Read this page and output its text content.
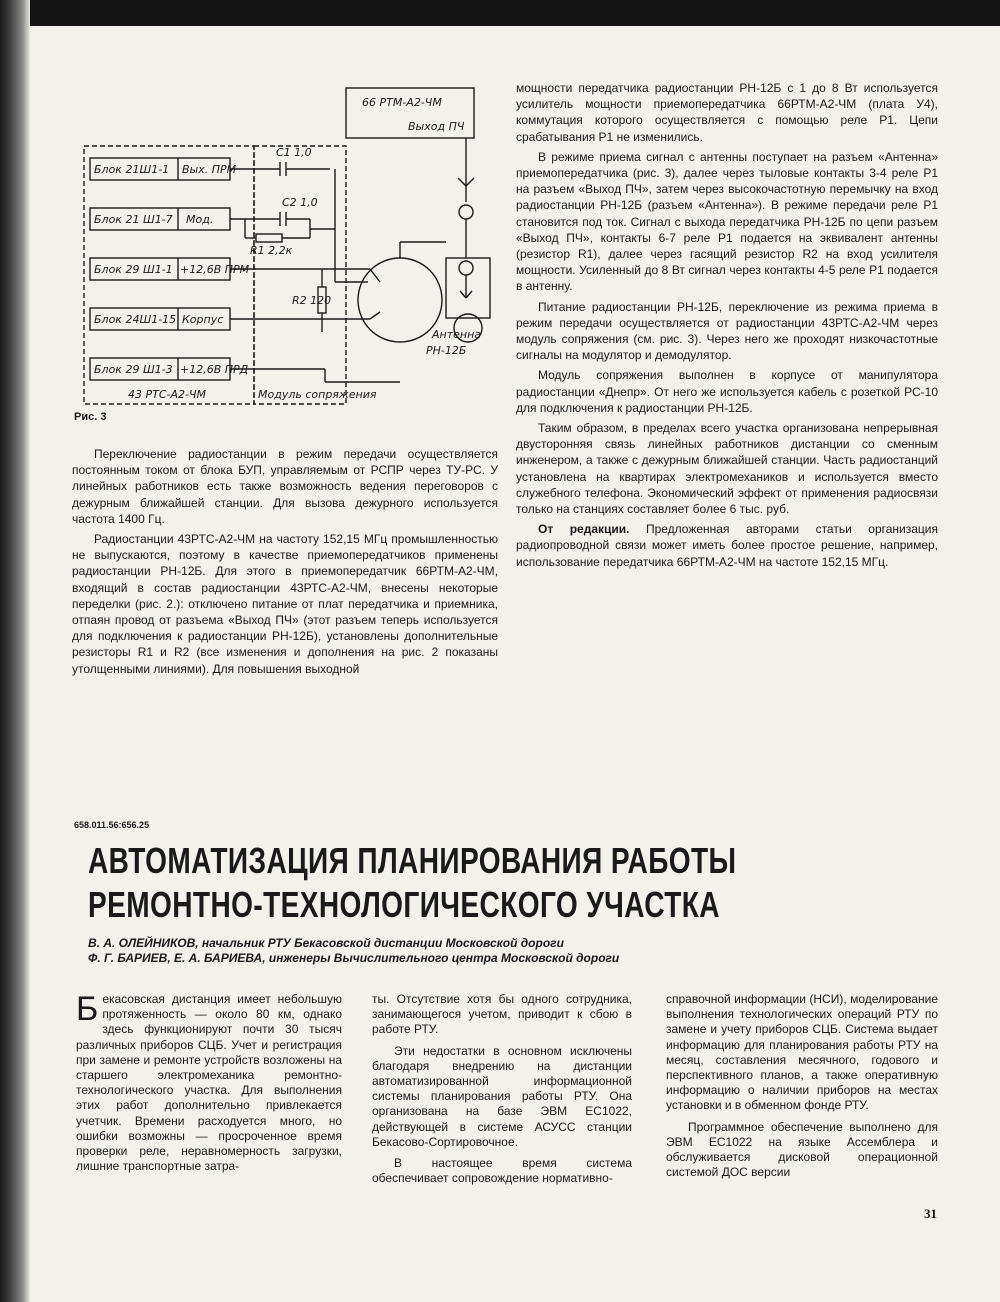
66 РТМ-А2-ЧМ
Выход ПЧ
Блок 21Ш1-1 Вых. ПРМ
Блок 21 Ш1-7 Мод.
Блок 29 Ш1-1 +12,6В ПРМ
Блок 24Ш1-15 Корпус
Блок 29 Ш1-3 +12,6В ПРД
43 РТС-А2-ЧМ	Модуль сопряжения
С1 1,0
С2 1,0
R1 2,2к
R2 120
Антенна
РН-12Б
Рис. 3

Переключение радиостанции в режим передачи осуществляется постоянным током от блока БУП, управляемым от РСПР через ТУ-РС. У линейных работников есть также возможность ведения переговоров с дежурным ближайшей станции. Для вызова дежурного используется частота 1400 Гц.

Радиостанции 43РТС-А2-ЧМ на частоту 152,15 МГц промышленностью не выпускаются, поэтому в качестве приемопередатчиков применены радиостанции РН-12Б. Для этого в приемопередатчик 66РТМ-А2-ЧМ, входящий в состав радиостанции 43РТС-А2-ЧМ, внесены некоторые переделки (рис. 2.): отключено питание от плат передатчика и приемника, отпаян провод от разъема «Выход ПЧ» (этот разъем теперь используется для подключения к радиостанции РН-12Б), установлены дополнительные резисторы R1 и R2 (все изменения и дополнения на рис. 2 показаны утолщенными линиями). Для повышения выходной

мощности передатчика радиостанции РН-12Б с 1 до 8 Вт используется усилитель мощности приемопередатчика 66РТМ-А2-ЧМ (плата У4), коммутация которого осуществляется с помощью реле Р1. Цепи срабатывания Р1 не изменились.

В режиме приема сигнал с антенны поступает на разъем «Антенна» приемопередатчика (рис. 3), далее через тыловые контакты 3-4 реле Р1 на разъем «Выход ПЧ», затем через высокочастотную перемычку на вход радиостанции РН-12Б (разъем «Антенна»). В режиме передачи реле Р1 становится под ток. Сигнал с выхода передатчика РН-12Б по цепи разъем «Выход ПЧ», контакты 6-7 реле Р1 подается на эквивалент антенны (резистор R1), далее через гасящий резистор R2 на вход усилителя мощности. Усиленный до 8 Вт сигнал через контакты 4-5 реле Р1 подается в антенну.

Питание радиостанции РН-12Б, переключение из режима приема в режим передачи осуществляется от радиостанции 43РТС-А2-ЧМ через модуль сопряжения (см. рис. 3). Через него же проходят низкочастотные сигналы на модулятор и демодулятор.

Модуль сопряжения выполнен в корпусе от манипулятора радиостанции «Днепр». От него же используется кабель с розеткой РС-10 для подключения к радиостанции РН-12Б.

Таким образом, в пределах всего участка организована непрерывная двусторонняя связь линейных работников дистанции со сменным инженером, а также с дежурным ближайшей станции. Часть радиостанций установлена на квартирах электромехаников и используется вместо служебного телефона. Экономический эффект от применения радиосвязи только на станциях составляет более 6 тыс. руб.

От редакции. Предложенная авторами статьи организация радиопроводной связи может иметь более простое решение, например, использование передатчика 66РТМ-А2-ЧМ на частоте 152,15 МГц.

658.011.56:656.25
АВТОМАТИЗАЦИЯ ПЛАНИРОВАНИЯ РАБОТЫ
РЕМОНТНО-ТЕХНОЛОГИЧЕСКОГО УЧАСТКА
В. А. ОЛЕЙНИКОВ, начальник РТУ Бекасовской дистанции Московской дороги
Ф. Г. БАРИЕВ, Е. А. БАРИЕВА, инженеры Вычислительного центра Московской дороги

Бекасовская дистанция имеет небольшую протяженность — около 80 км, однако здесь функционируют почти 30 тысяч различных приборов СЦБ. Учет и регистрация при замене и ремонте устройств возложены на старшего электромеханика ремонтно-технологического участка. Для выполнения этих работ дополнительно привлекается учетчик. Времени расходуется много, но ошибки возможны — просроченное время проверки реле, неравномерность загрузки, лишние транспортные затра-

ты. Отсутствие хотя бы одного сотрудника, занимающегося учетом, приводит к сбою в работе РТУ.

Эти недостатки в основном исключены благодаря внедрению на дистанции автоматизированной информационной системы планирования работы РТУ. Она организована на базе ЭВМ ЕС1022, действующей в системе АСУСС станции Бекасово-Сортировочное.

В настоящее время система обеспечивает сопровождение нормативно-

справочной информации (НСИ), моделирование выполнения технологических операций РТУ по замене и учету приборов СЦБ. Система выдает информацию для планирования работы РТУ на месяц, составления месячного, годового и перспективного планов, а также оперативную информацию о наличии приборов на местах установки и в обменном фонде РТУ.

Программное обеспечение выполнено для ЭВМ ЕС1022 на языке Ассемблера и обслуживается дисковой операционной системой ДОС версии

31
